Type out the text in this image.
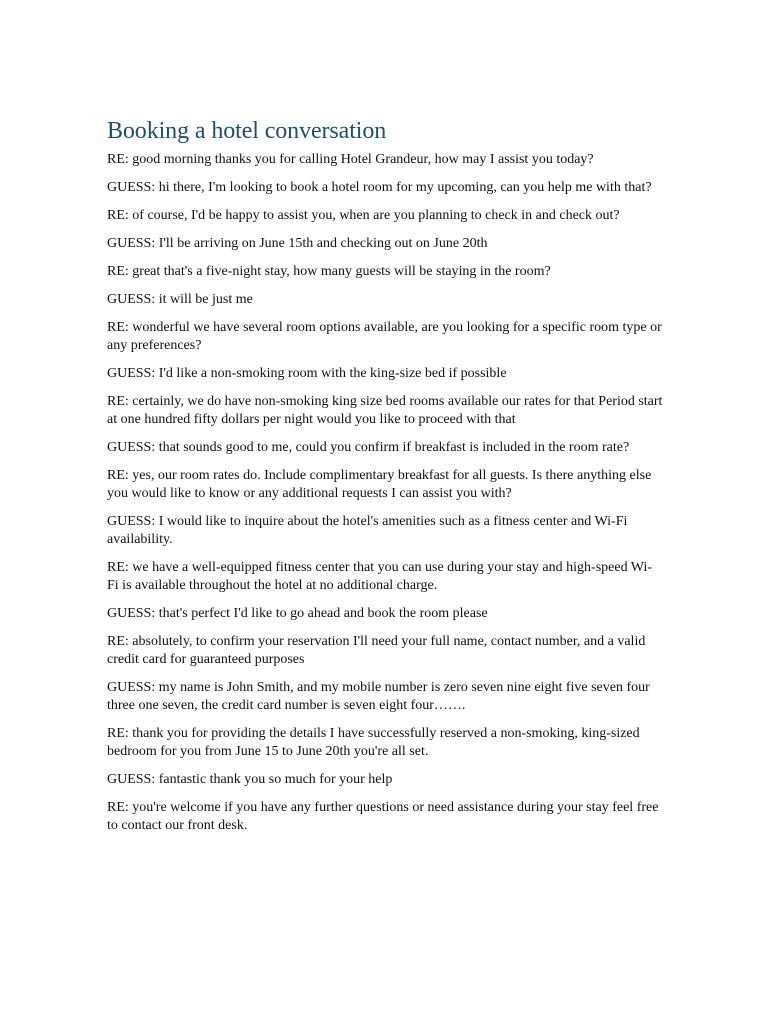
Booking a hotel conversation

RE: good morning thanks you for calling Hotel Grandeur, how may I assist you today?

GUESS: hi there, I'm looking to book a hotel room for my upcoming, can you help me with that?

RE: of course, I'd be happy to assist you, when are you planning to check in and check out?

GUESS: I'll be arriving on June 15th and checking out on June 20th

RE: great that's a five-night stay, how many guests will be staying in the room?

GUESS: it will be just me

RE: wonderful we have several room options available, are you looking for a specific room type or any preferences?

GUESS: I'd like a non-smoking room with the king-size bed if possible

RE: certainly, we do have non-smoking king size bed rooms available our rates for that Period start at one hundred fifty dollars per night would you like to proceed with that

GUESS: that sounds good to me, could you confirm if breakfast is included in the room rate?

RE: yes, our room rates do. Include complimentary breakfast for all guests. Is there anything else you would like to know or any additional requests I can assist you with?

GUESS: I would like to inquire about the hotel's amenities such as a fitness center and Wi-Fi availability.

RE: we have a well-equipped fitness center that you can use during your stay and high-speed Wi-Fi is available throughout the hotel at no additional charge.

GUESS: that's perfect I'd like to go ahead and book the room please

RE: absolutely, to confirm your reservation I'll need your full name, contact number, and a valid credit card for guaranteed purposes

GUESS: my name is John Smith, and my mobile number is zero seven nine eight five seven four three one seven, the credit card number is seven eight four…….

RE: thank you for providing the details I have successfully reserved a non-smoking, king-sized bedroom for you from June 15 to June 20th you're all set.

GUESS: fantastic thank you so much for your help

RE: you're welcome if you have any further questions or need assistance during your stay feel free to contact our front desk.
